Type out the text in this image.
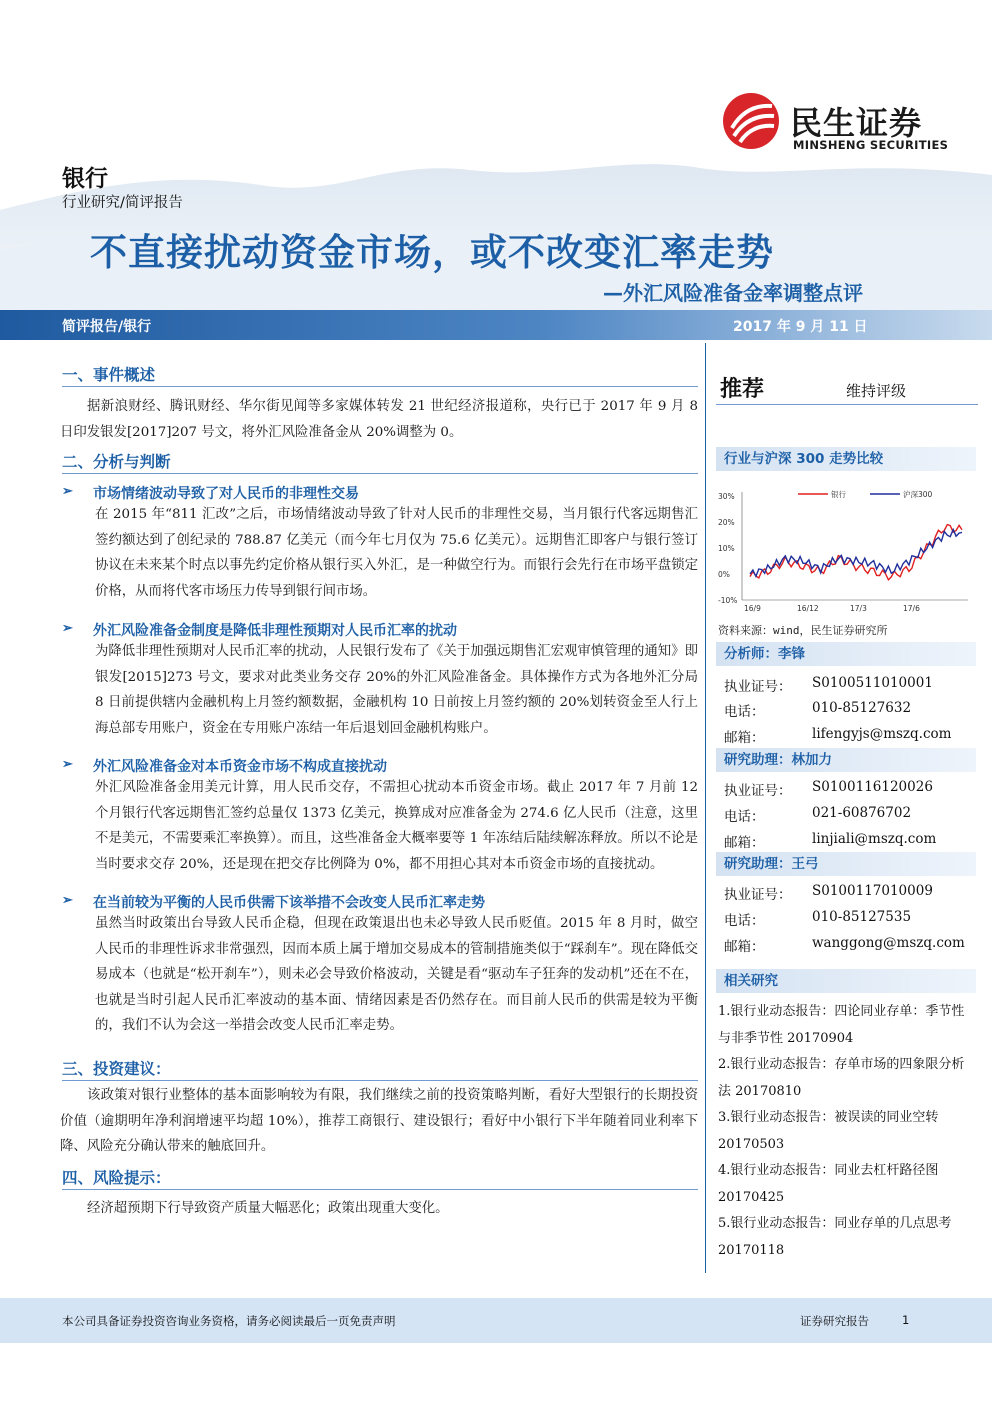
民生证券
MINSHENG SECURITIES
银行
行业研究/简评报告
不直接扰动资金市场，或不改变汇率走势
—外汇风险准备金率调整点评
简评报告/银行	2017 年 9 月 11 日
一、事件概述
据新浪财经、腾讯财经、华尔街见闻等多家媒体转发 21 世纪经济报道称，央行已于 2017 年 9 月 8 日印发银发[2017]207 号文，将外汇风险准备金从 20%调整为 0。
二、分析与判断
➢ 市场情绪波动导致了对人民币的非理性交易
在 2015 年“811 汇改”之后，市场情绪波动导致了针对人民币的非理性交易，当月银行代客远期售汇签约额达到了创纪录的 788.87 亿美元（而今年七月仅为 75.6 亿美元）。远期售汇即客户与银行签订协议在未来某个时点以事先约定价格从银行买入外汇，是一种做空行为。而银行会先行在市场平盘锁定价格，从而将代客市场压力传导到银行间市场。
➢ 外汇风险准备金制度是降低非理性预期对人民币汇率的扰动
为降低非理性预期对人民币汇率的扰动，人民银行发布了《关于加强远期售汇宏观审慎管理的通知》即银发[2015]273 号文，要求对此类业务交存 20%的外汇风险准备金。具体操作方式为各地外汇分局 8 日前提供辖内金融机构上月签约额数据，金融机构 10 日前按上月签约额的 20%划转资金至人行上海总部专用账户，资金在专用账户冻结一年后退划回金融机构账户。
➢ 外汇风险准备金对本币资金市场不构成直接扰动
外汇风险准备金用美元计算，用人民币交存，不需担心扰动本币资金市场。截止 2017 年 7 月前 12 个月银行代客远期售汇签约总量仅 1373 亿美元，换算成对应准备金为 274.6 亿人民币（注意，这里不是美元，不需要乘汇率换算）。而且，这些准备金大概率要等 1 年冻结后陆续解冻释放。所以不论是当时要求交存 20%，还是现在把交存比例降为 0%，都不用担心其对本币资金市场的直接扰动。
➢ 在当前较为平衡的人民币供需下该举措不会改变人民币汇率走势
虽然当时政策出台导致人民币企稳，但现在政策退出也未必导致人民币贬值。2015 年 8 月时，做空人民币的非理性诉求非常强烈，因而本质上属于增加交易成本的管制措施类似于“踩刹车”。现在降低交易成本（也就是“松开刹车”），则未必会导致价格波动，关键是看“驱动车子狂奔的发动机”还在不在，也就是当时引起人民币汇率波动的基本面、情绪因素是否仍然存在。而目前人民币的供需是较为平衡的，我们不认为会这一举措会改变人民币汇率走势。
三、投资建议：
该政策对银行业整体的基本面影响较为有限，我们继续之前的投资策略判断，看好大型银行的长期投资价值（逾期明年净利润增速平均超 10%），推荐工商银行、建设银行；看好中小银行下半年随着同业利率下降、风险充分确认带来的触底回升。
四、风险提示：
经济超预期下行导致资产质量大幅恶化；政策出现重大变化。
推荐	维持评级
行业与沪深 300 走势比较
30%
20%
10%
0%
-10%
16/9	16/12	17/3	17/6
银行	沪深300
资料来源：wind，民生证券研究所
分析师：李锋
执业证号： S0100511010001
电话：	010-85127632
邮箱：	lifengyjs@mszq.com
研究助理：林加力
执业证号： S0100116120026
电话：	021-60876702
邮箱：	linjiali@mszq.com
研究助理：王弓
执业证号： S0100117010009
电话：	010-85127535
邮箱：	wanggong@mszq.com
相关研究
1.银行业动态报告：四论同业存单：季节性与非季节性 20170904
2.银行业动态报告：存单市场的四象限分析法 20170810
3.银行业动态报告：被误读的同业空转 20170503
4.银行业动态报告：同业去杠杆路径图 20170425
5.银行业动态报告：同业存单的几点思考 20170118
本公司具备证券投资咨询业务资格，请务必阅读最后一页免责声明	证券研究报告	1
